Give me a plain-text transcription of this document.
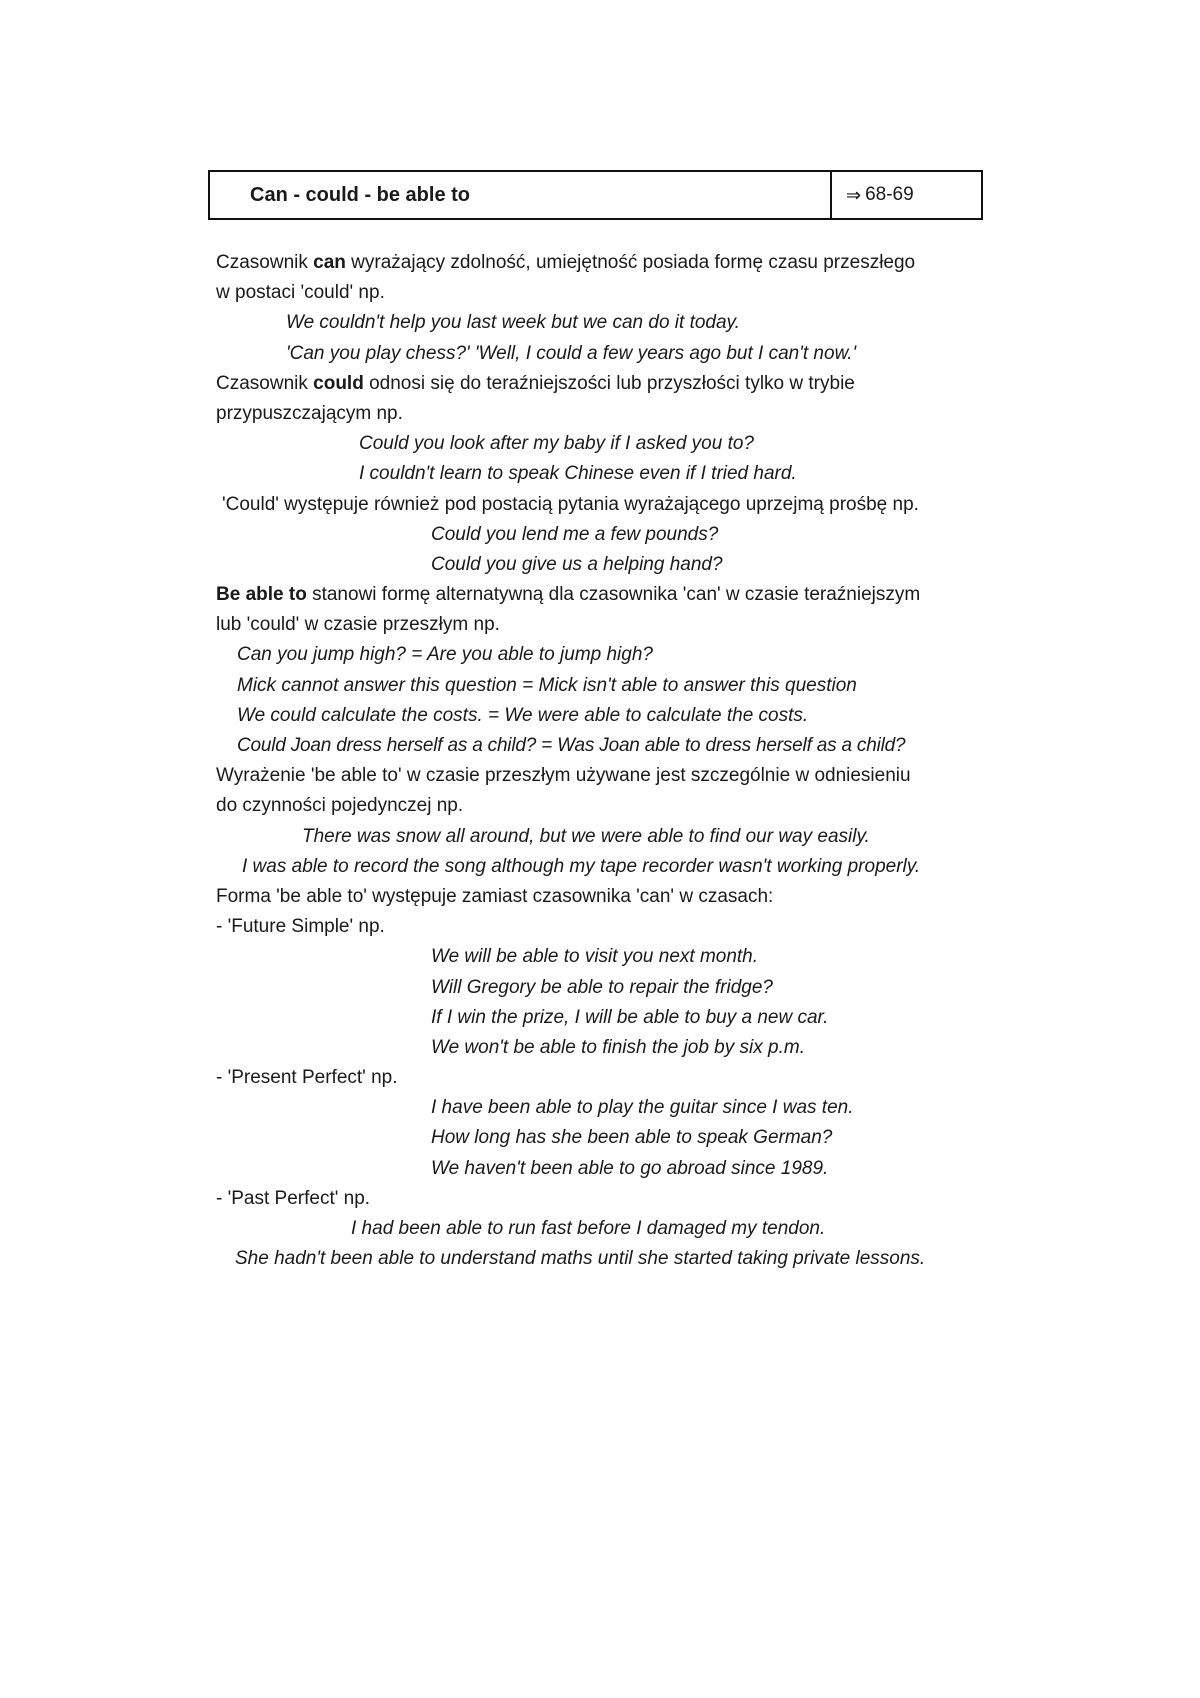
Can - could - be able to	⇒ 68-69
Czasownik can wyrażający zdolność, umiejętność posiada formę czasu przeszłego
w postaci 'could' np.
We couldn't help you last week but we can do it today.
'Can you play chess?' 'Well, I could a few years ago but I can't now.'
Czasownik could odnosi się do teraźniejszości lub przyszłości tylko w trybie
przypuszczającym np.
Could you look after my baby if I asked you to?
I couldn't learn to speak Chinese even if I tried hard.
'Could' występuje również pod postacią pytania wyrażającego uprzejmą prośbę np.
Could you lend me a few pounds?
Could you give us a helping hand?
Be able to stanowi formę alternatywną dla czasownika 'can' w czasie teraźniejszym
lub 'could' w czasie przeszłym np.
Can you jump high? = Are you able to jump high?
Mick cannot answer this question = Mick isn't able to answer this question
We could calculate the costs. = We were able to calculate the costs.
Could Joan dress herself as a child? = Was Joan able to dress herself as a child?
Wyrażenie 'be able to' w czasie przeszłym używane jest szczególnie w odniesieniu
do czynności pojedynczej np.
There was snow all around, but we were able to find our way easily.
I was able to record the song although my tape recorder wasn't working properly.
Forma 'be able to' występuje zamiast czasownika 'can' w czasach:
- 'Future Simple' np.
We will be able to visit you next month.
Will Gregory be able to repair the fridge?
If I win the prize, I will be able to buy a new car.
We won't be able to finish the job by six p.m.
- 'Present Perfect' np.
I have been able to play the guitar since I was ten.
How long has she been able to speak German?
We haven't been able to go abroad since 1989.
- 'Past Perfect' np.
I had been able to run fast before I damaged my tendon.
She hadn't been able to understand maths until she started taking private lessons.
